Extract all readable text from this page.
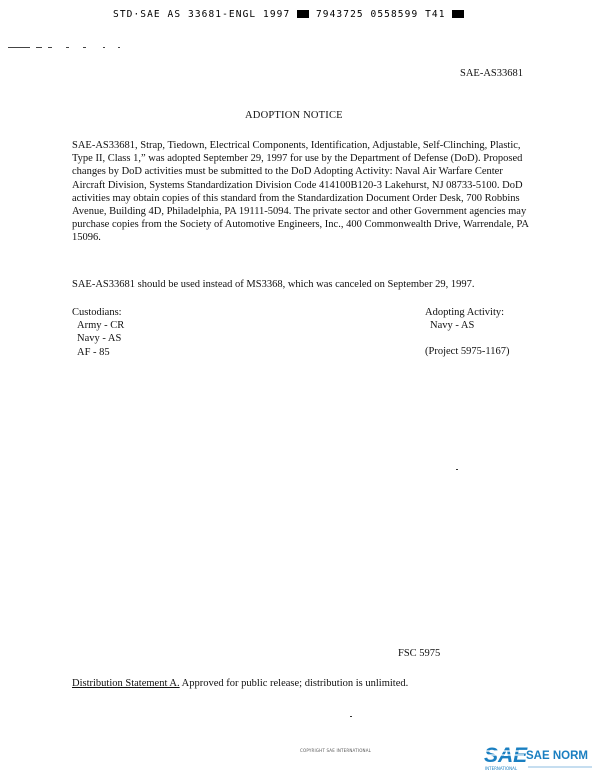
STD·SAE AS 33681-ENGL 1997	7943725 0558599 T41
SAE-AS33681
ADOPTION NOTICE
SAE-AS33681, Strap, Tiedown, Electrical Components, Identification, Adjustable, Self-Clinching, Plastic, Type II, Class 1,” was adopted September 29, 1997 for use by the Department of Defense (DoD). Proposed changes by DoD activities must be submitted to the DoD Adopting Activity: Naval Air Warfare Center Aircraft Division, Systems Standardization Division Code 414100B120-3 Lakehurst, NJ 08733-5100. DoD activities may obtain copies of this standard from the Standardization Document Order Desk, 700 Robbins Avenue, Building 4D, Philadelphia, PA 19111-5094. The private sector and other Government agencies may purchase copies from the Society of Automotive Engineers, Inc., 400 Commonwealth Drive, Warrendale, PA 15096.
SAE-AS33681 should be used instead of MS3368, which was canceled on September 29, 1997.
Custodians:
Army - CR
Navy - AS
AF - 85
Adopting Activity:
Navy - AS
(Project 5975-1167)
FSC 5975
Distribution Statement A. Approved for public release; distribution is unlimited.
COPYRIGHT SAE INTERNATIONAL	SAE
SAE NORM
INTERNATIONAL
